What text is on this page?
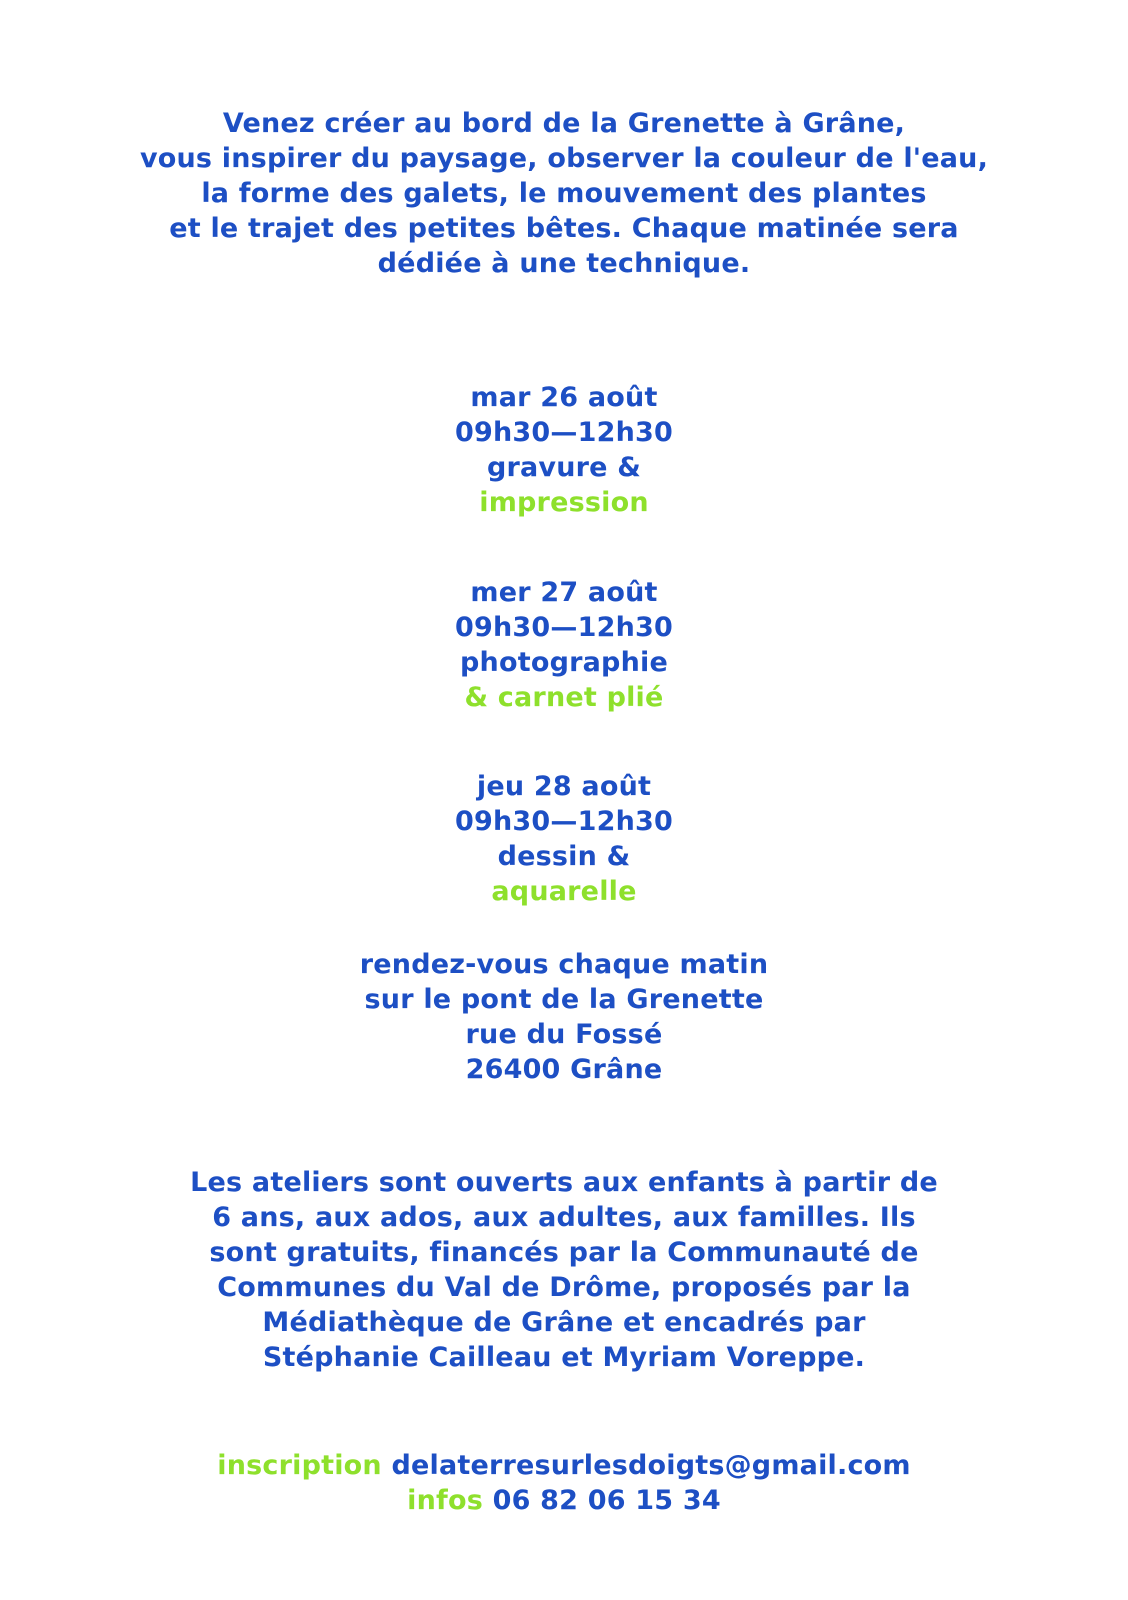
Venez créer au bord de la Grenette à Grâne,
vous inspirer du paysage, observer la couleur de l'eau,
la forme des galets, le mouvement des plantes
et le trajet des petites bêtes. Chaque matinée sera
dédiée à une technique.
mar 26 août
09h30—12h30
gravure &
impression
mer 27 août
09h30—12h30
photographie
& carnet plié
jeu 28 août
09h30—12h30
dessin &
aquarelle
rendez-vous chaque matin
sur le pont de la Grenette
rue du Fossé
26400 Grâne
Les ateliers sont ouverts aux enfants à partir de
6 ans, aux ados, aux adultes, aux familles. Ils
sont gratuits, financés par la Communauté de
Communes du Val de Drôme, proposés par la
Médiathèque de Grâne et encadrés par
Stéphanie Cailleau et Myriam Voreppe.
inscription delaterresurlesdoigts@gmail.com
infos 06 82 06 15 34
